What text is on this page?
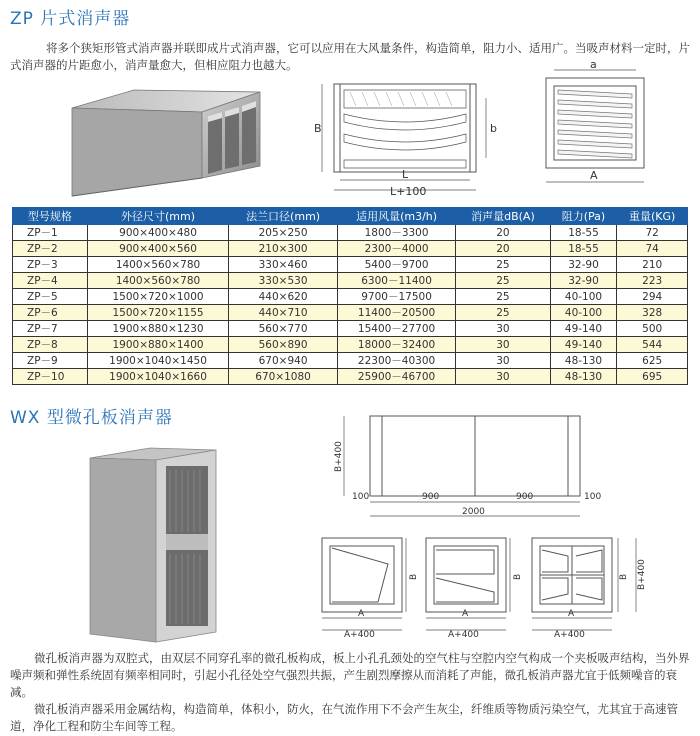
ZP 片式消声器
将多个狭矩形管式消声器并联即成片式消声器，它可以应用在大风量条件，构造简单，阻力小、适用广。当吸声材料一定时，片式消声器的片距愈小，消声量愈大，但相应阻力也越大。
B	b
L
L+100
a
A
型号规格	外径尺寸(mm)	法兰口径(mm)	适用风量(m3/h)	消声量dB(A)	阻力(Pa)	重量(KG)
ZP－1	900×400×480	205×250	1800－3300	20	18-55	72
ZP－2	900×400×560	210×300	2300－4000	20	18-55	74
ZP－3	1400×560×780	330×460	5400－9700	25	32-90	210
ZP－4	1400×560×780	330×530	6300－11400	25	32-90	223
ZP－5	1500×720×1000	440×620	9700－17500	25	40-100	294
ZP－6	1500×720×1155	440×710	11400－20500	25	40-100	328
ZP－7	1900×880×1230	560×770	15400－27700	30	49-140	500
ZP－8	1900×880×1400	560×890	18000－32400	30	49-140	544
ZP－9	1900×1040×1450	670×940	22300－40300	30	48-130	625
ZP－10	1900×1040×1660	670×1080	25900－46700	30	48-130	695
WX 型微孔板消声器
B+400
100	900	900	100
2000
B
A
A+400
B
A
A+400
B B+400
A
A+400
微孔板消声器为双腔式，由双层不同穿孔率的微孔板构成，板上小孔孔颈处的空气柱与空腔内空气构成一个夹板吸声结构，当外界噪声频和弹性系统固有频率相同时，引起小孔径处空气强烈共振，产生剧烈摩擦从而消耗了声能，微孔板消声器尤宜于低频噪音的衰减。
微孔板消声器采用金属结构，构造简单，体积小，防火，在气流作用下不会产生灰尘，纤维质等物质污染空气，尤其宜于高速管道，净化工程和防尘车间等工程。
